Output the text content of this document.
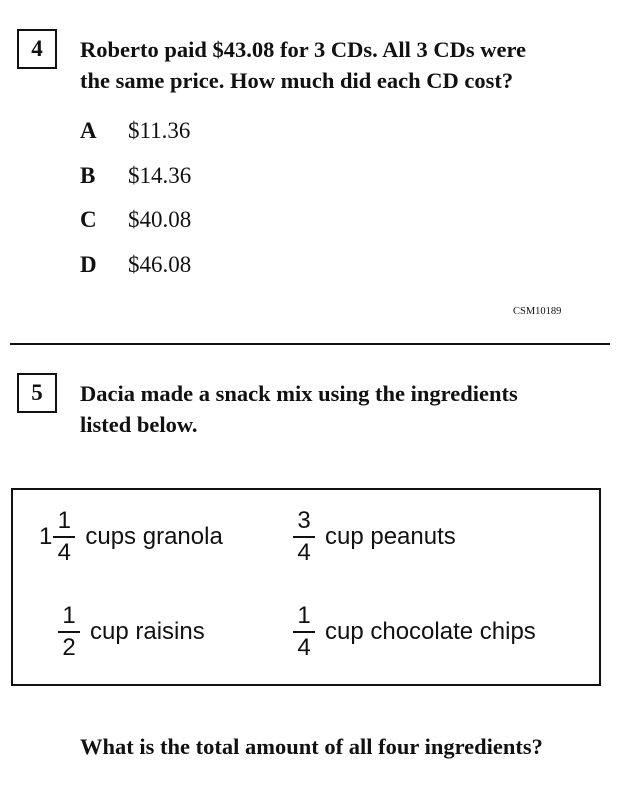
4 Roberto paid $43.08 for 3 CDs. All 3 CDs were
the same price. How much did each CD cost?
A	$11.36
B	$14.36
C	$40.08
D	$46.08
CSM10189
5 Dacia made a snack mix using the ingredients
listed below.
$1 \frac{1}{4}$ cups granola	$\frac{3}{4}$ cup peanuts
$\frac{1}{2}$ cup raisins	$\frac{1}{4}$ cup chocolate chips
What is the total amount of all four ingredients?
